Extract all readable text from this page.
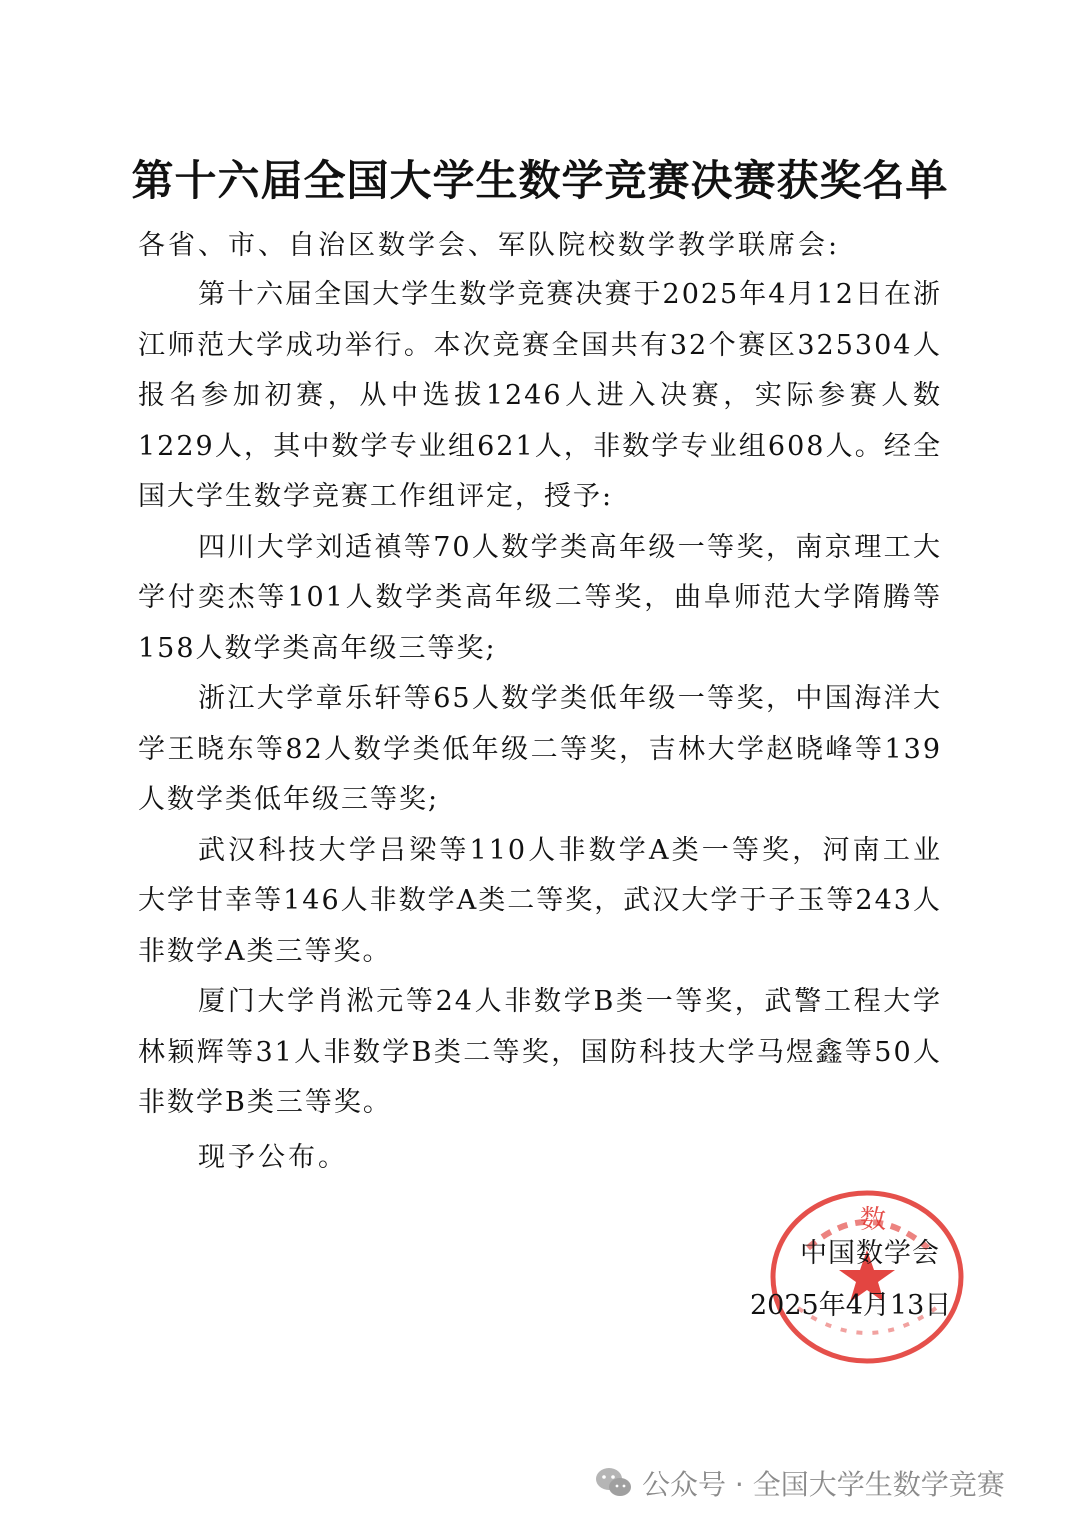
第十六届全国大学生数学竞赛决赛获奖名单
各省、市、自治区数学会、军队院校数学教学联席会:

第十六届全国大学生数学竞赛决赛于2025年4月12日在浙江师范大学成功举行。本次竞赛全国共有32个赛区325304人报名参加初赛，从中选拔1246人进入决赛，实际参赛人数1229人，其中数学专业组621人，非数学专业组608人。经全国大学生数学竞赛工作组评定，授予:

四川大学刘适禛等70人数学类高年级一等奖，南京理工大学付奕杰等101人数学类高年级二等奖，曲阜师范大学隋腾等158人数学类高年级三等奖;

浙江大学章乐轩等65人数学类低年级一等奖，中国海洋大学王晓东等82人数学类低年级二等奖，吉林大学赵晓峰等139人数学类低年级三等奖;

武汉科技大学吕梁等110人非数学A类一等奖，河南工业大学甘幸等146人非数学A类二等奖，武汉大学于子玉等243人非数学A类三等奖。

厦门大学肖淞元等24人非数学B类一等奖，武警工程大学林颖辉等31人非数学B类二等奖，国防科技大学马煜鑫等50人非数学B类三等奖。

现予公布。
数
中国数学会
2025年4月13日
公众号 · 全国大学生数学竞赛
